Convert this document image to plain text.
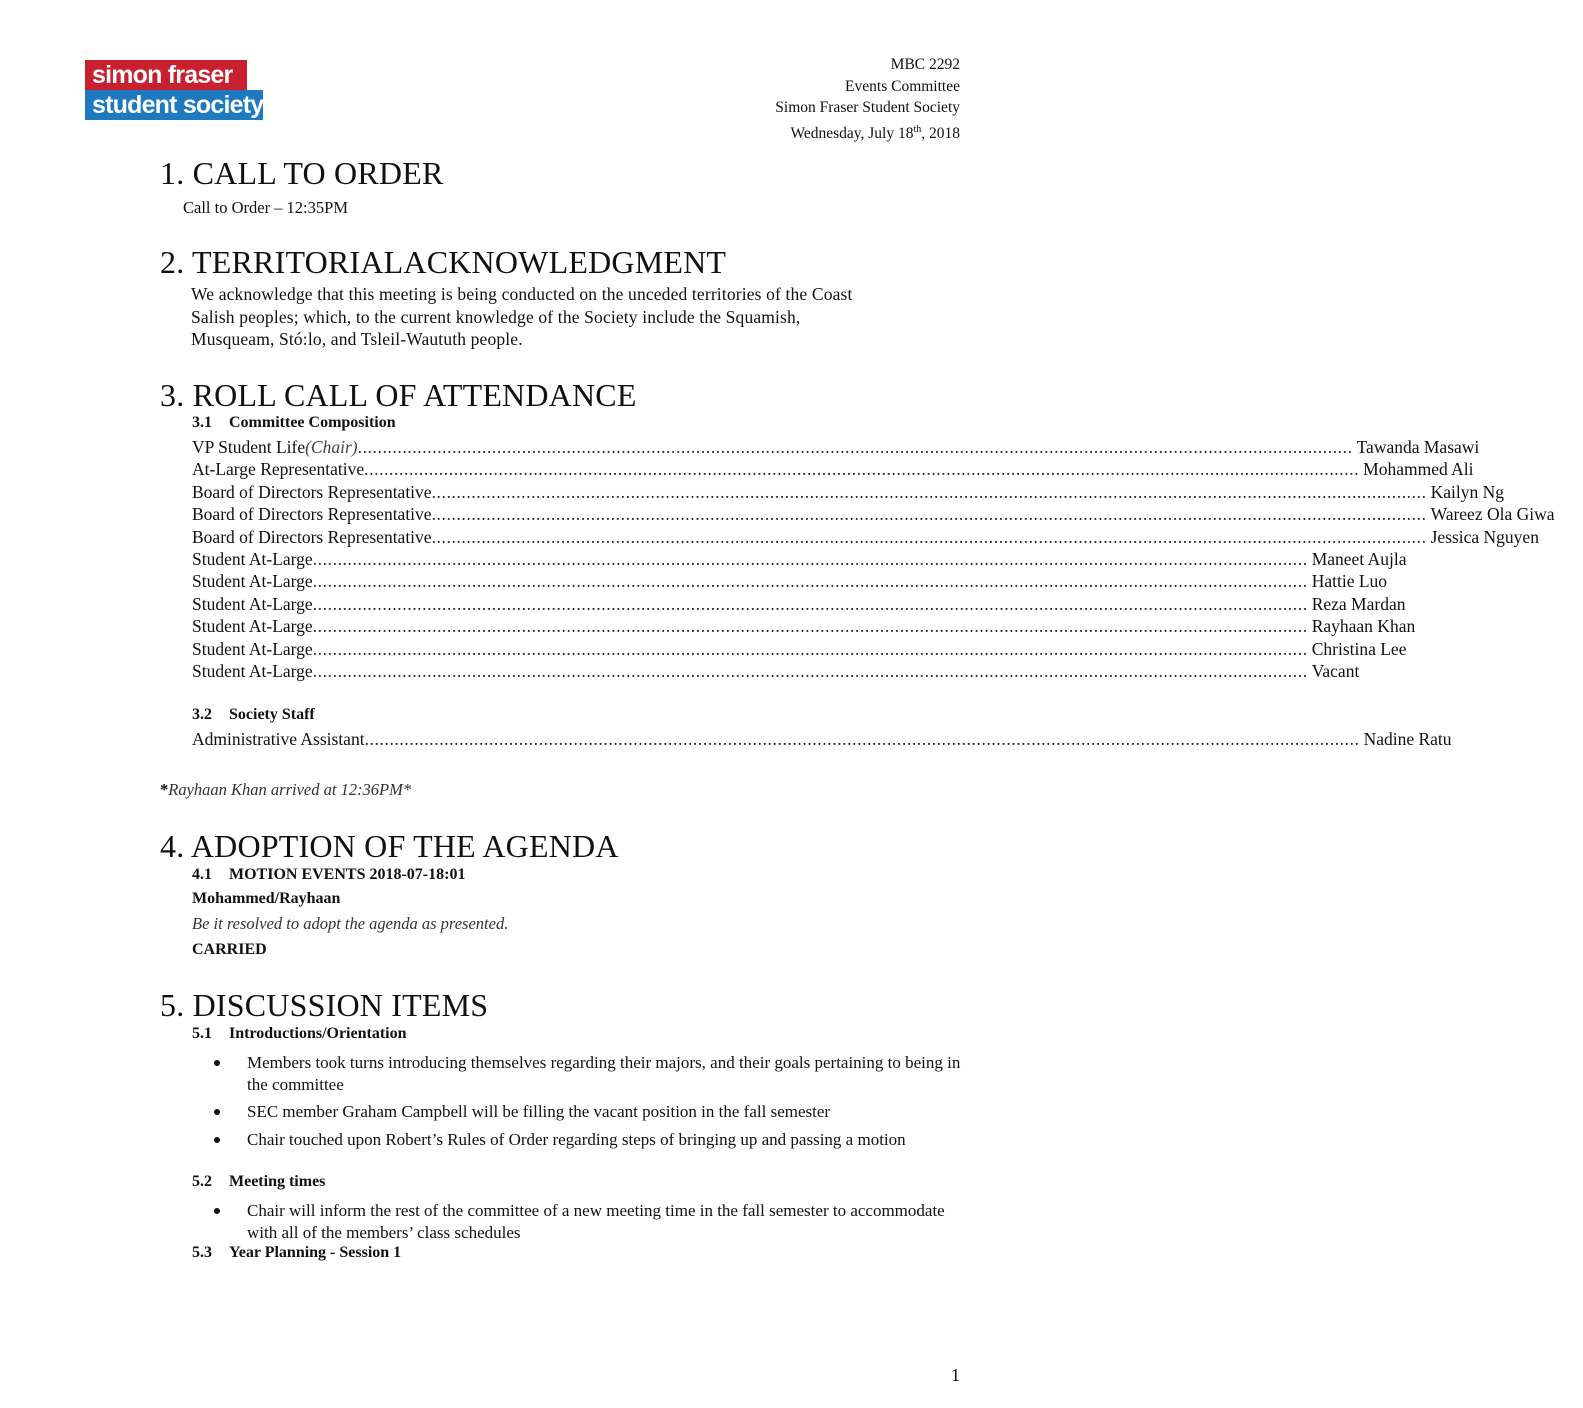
simon fraser
student society
MBC 2292
Events Committee
Simon Fraser Student Society
Wednesday, July 18th, 2018
1. CALL TO ORDER
Call to Order – 12:35PM
2. TERRITORIALACKNOWLEDGMENT
We acknowledge that this meeting is being conducted on the unceded territories of the Coast
Salish peoples; which, to the current knowledge of the Society include the Squamish,
Musqueam, Stó:lo, and Tsleil-Waututh people.
3. ROLL CALL OF ATTENDANCE
3.1 Committee Composition
VP Student Life (Chair) ........................................................................................................................................................................................................ Tawanda Masawi
At-Large Representative ........................................................................................................................................................................................................ Mohammed Ali
Board of Directors Representative ........................................................................................................................................................................................................ Kailyn Ng
Board of Directors Representative ........................................................................................................................................................................................................ Wareez Ola Giwa
Board of Directors Representative ........................................................................................................................................................................................................ Jessica Nguyen
Student At-Large ........................................................................................................................................................................................................ Maneet Aujla
Student At-Large ........................................................................................................................................................................................................ Hattie Luo
Student At-Large ........................................................................................................................................................................................................ Reza Mardan
Student At-Large ........................................................................................................................................................................................................ Rayhaan Khan
Student At-Large ........................................................................................................................................................................................................ Christina Lee
Student At-Large ........................................................................................................................................................................................................ Vacant
3.2 Society Staff
Administrative Assistant ........................................................................................................................................................................................................ Nadine Ratu
*Rayhaan Khan arrived at 12:36PM*
4. ADOPTION OF THE AGENDA
4.1 MOTION EVENTS 2018-07-18:01
Mohammed/Rayhaan
Be it resolved to adopt the agenda as presented.
CARRIED
5. DISCUSSION ITEMS
5.1 Introductions/Orientation
Members took turns introducing themselves regarding their majors, and their goals pertaining to being in the committee
SEC member Graham Campbell will be filling the vacant position in the fall semester
Chair touched upon Robert’s Rules of Order regarding steps of bringing up and passing a motion
5.2 Meeting times
Chair will inform the rest of the committee of a new meeting time in the fall semester to accommodate with all of the members’ class schedules
5.3 Year Planning - Session 1
1
